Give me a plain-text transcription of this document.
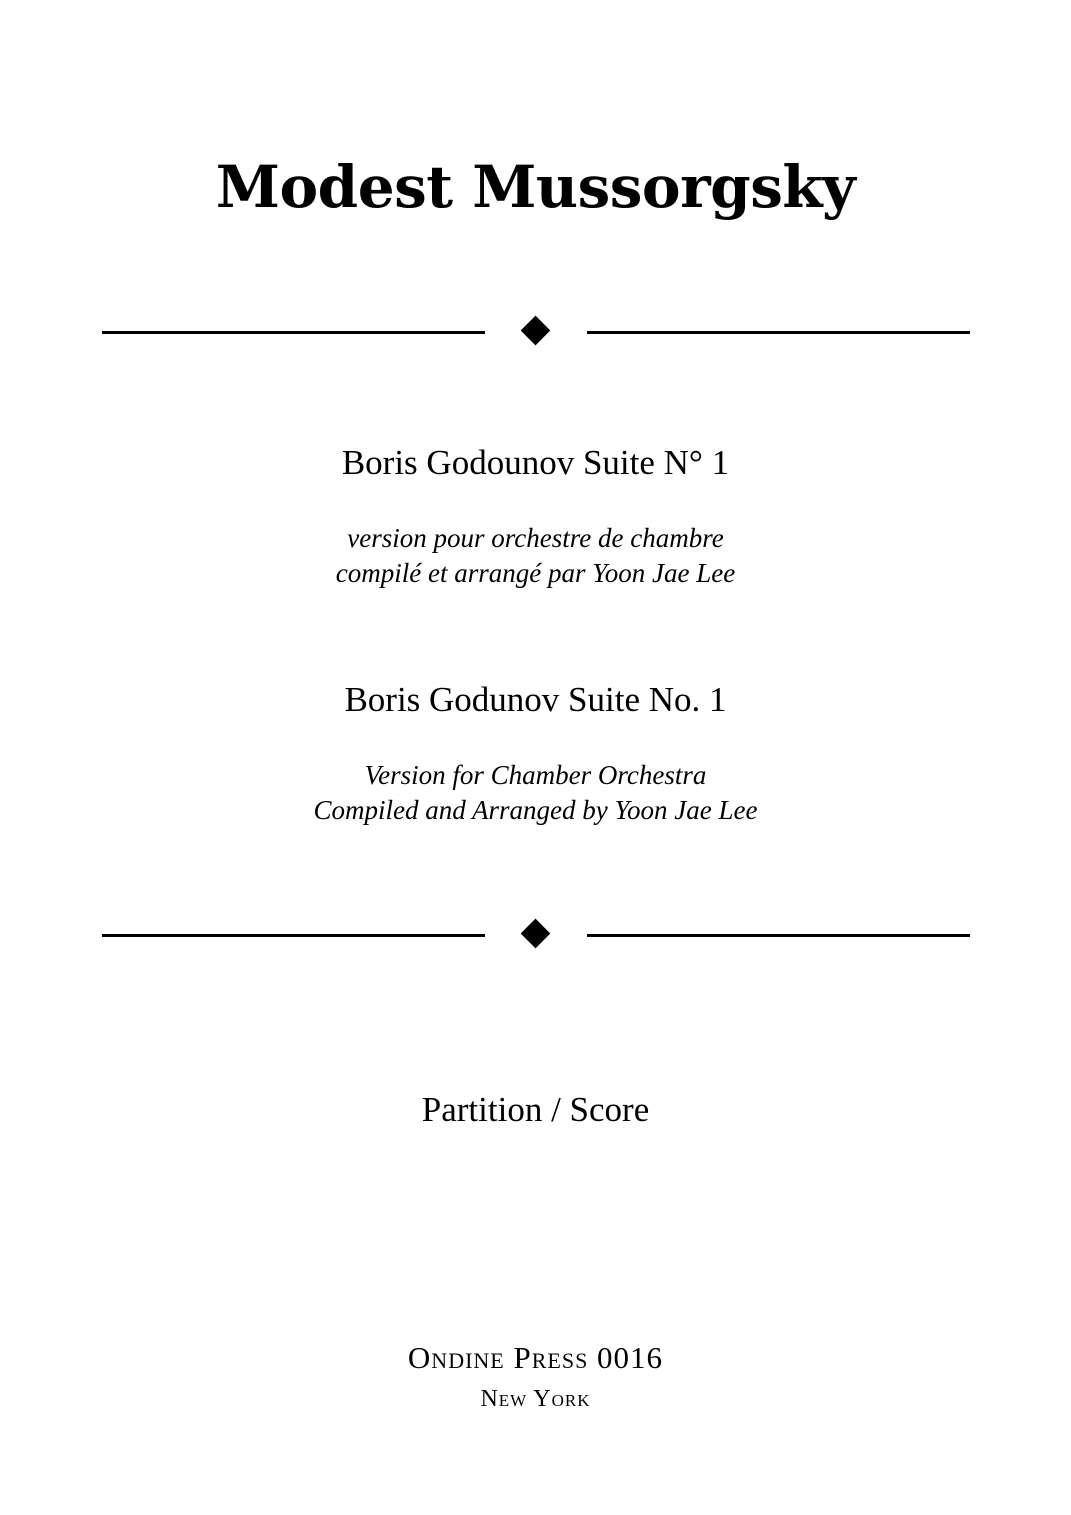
Modest Mussorgsky
Boris Godounov Suite N° 1
version pour orchestre de chambre
compilé et arrangé par Yoon Jae Lee
Boris Godunov Suite No. 1
Version for Chamber Orchestra
Compiled and Arranged by Yoon Jae Lee
Partition / Score
Ondine Press 0016
New York
